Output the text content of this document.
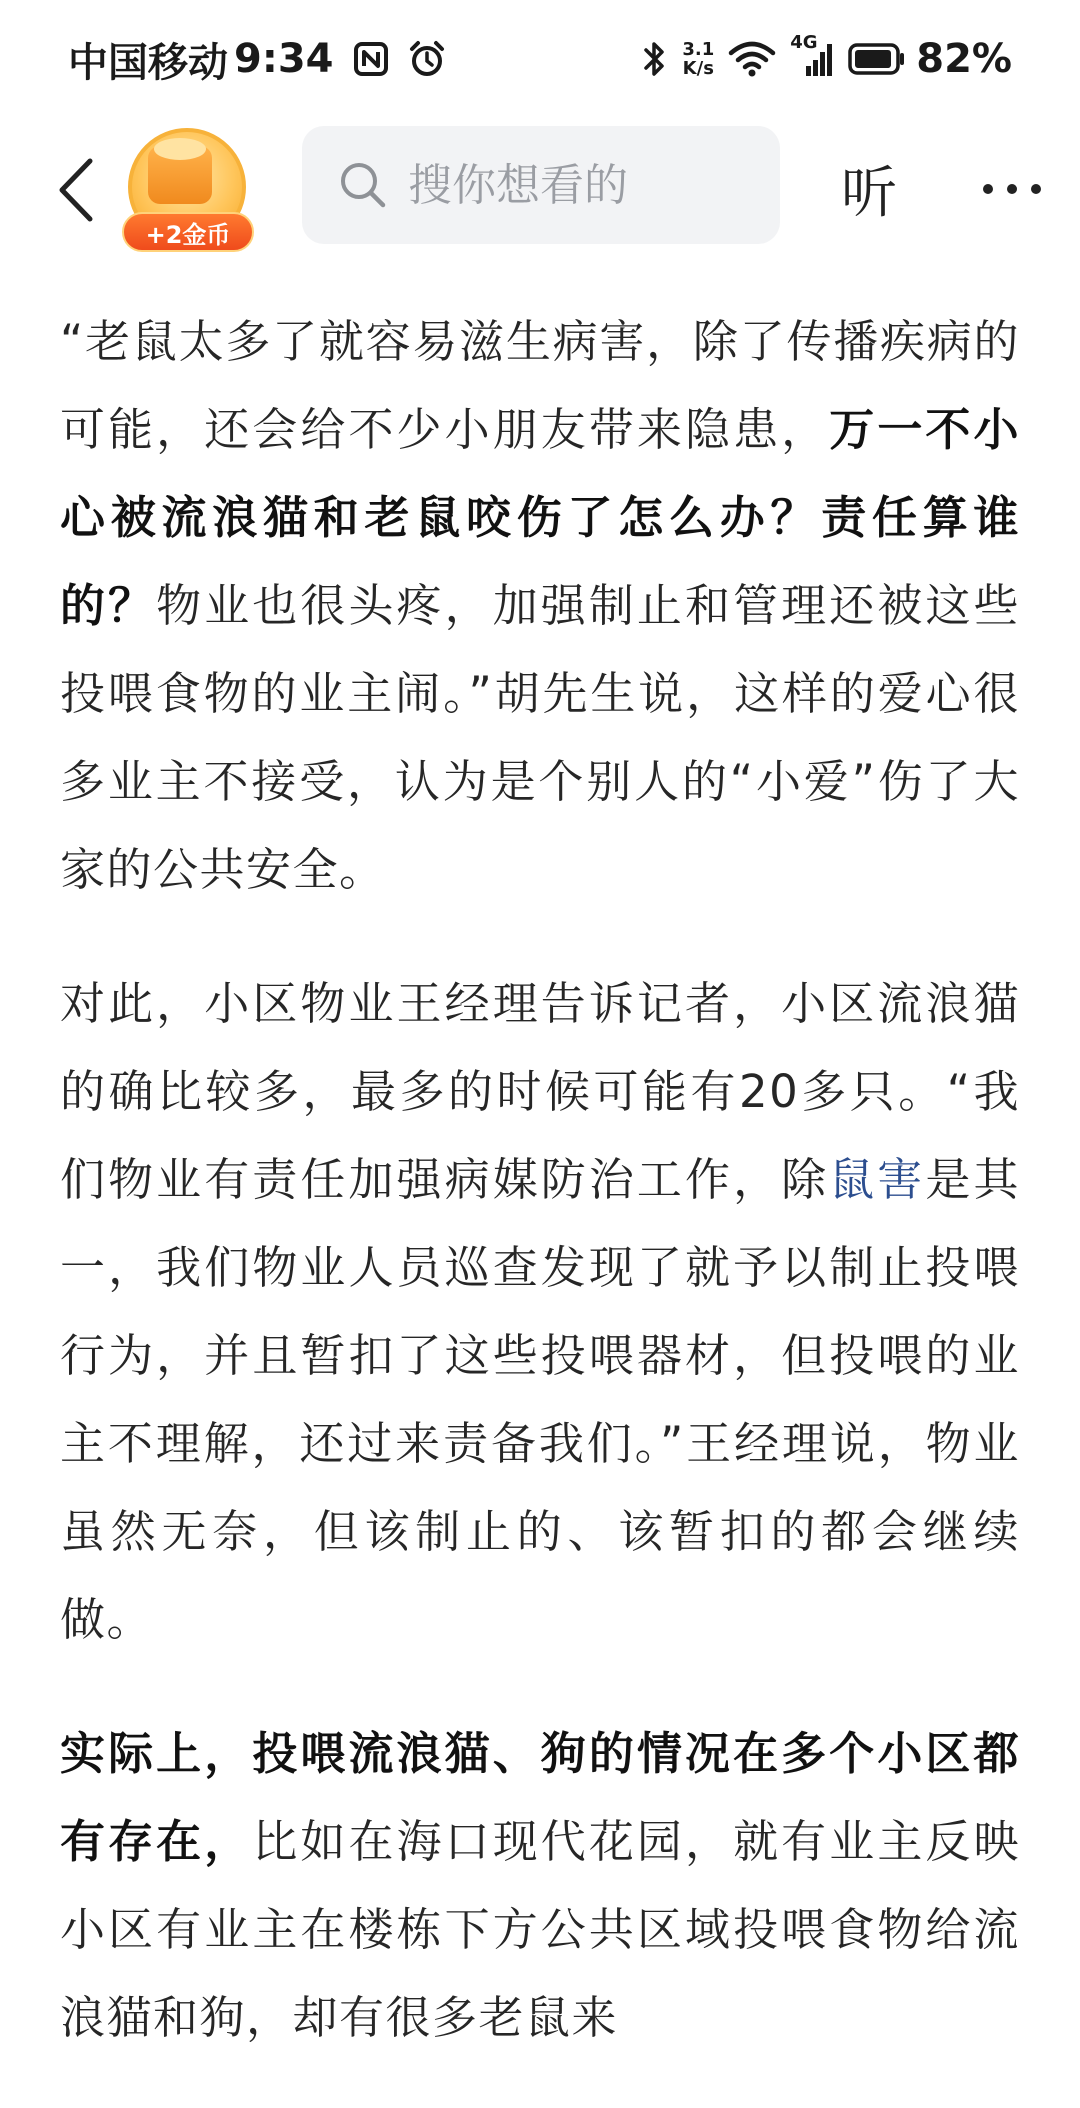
中国移动 9:34	3.1
K/s
4G 82%
+2金币
搜你想看的
听

“老鼠太多了就容易滋生病害，除了传播疾病的可能，还会给不少小朋友带来隐患，万一不小心被流浪猫和老鼠咬伤了怎么办？责任算谁的？物业也很头疼，加强制止和管理还被这些投喂食物的业主闹。”胡先生说，这样的爱心很多业主不接受，认为是个别人的“小爱”伤了大家的公共安全。

对此，小区物业王经理告诉记者，小区流浪猫的确比较多，最多的时候可能有20多只。“我们物业有责任加强病媒防治工作，除鼠害是其一，我们物业人员巡查发现了就予以制止投喂行为，并且暂扣了这些投喂器材，但投喂的业主不理解，还过来责备我们。”王经理说，物业虽然无奈，但该制止的、该暂扣的都会继续做。

实际上，投喂流浪猫、狗的情况在多个小区都有存在，比如在海口现代花园，就有业主反映小区有业主在楼栋下方公共区域投喂食物给流浪猫和狗，却有很多老鼠来
